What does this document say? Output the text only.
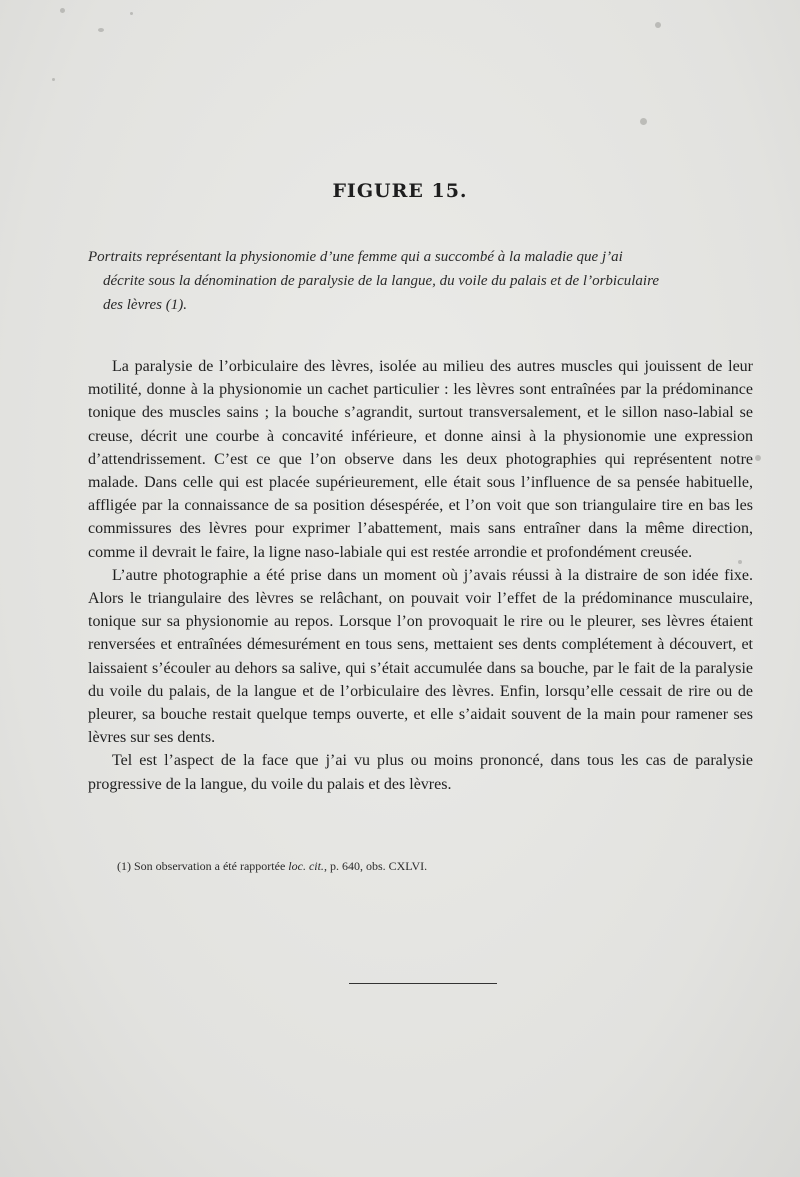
FIGURE 15.
Portraits représentant la physionomie d’une femme qui a succombé à la maladie que j’ai
décrite sous la dénomination de paralysie de la langue, du voile du palais et de l’orbiculaire
des lèvres (1).

La paralysie de l’orbiculaire des lèvres, isolée au milieu des autres muscles qui jouissent de leur motilité, donne à la physionomie un cachet particulier : les lèvres sont entraînées par la prédominance tonique des muscles sains ; la bouche s’agrandit, surtout transversalement, et le sillon naso-labial se creuse, décrit une courbe à concavité inférieure, et donne ainsi à la physionomie une expression d’attendrissement. C’est ce que l’on observe dans les deux photographies qui représentent notre malade. Dans celle qui est placée supérieurement, elle était sous l’influence de sa pensée habituelle, affligée par la connaissance de sa position désespérée, et l’on voit que son triangulaire tire en bas les commissures des lèvres pour exprimer l’abattement, mais sans entraîner dans la même direction, comme il devrait le faire, la ligne naso-labiale qui est restée arrondie et profondément creusée.

L’autre photographie a été prise dans un moment où j’avais réussi à la distraire de son idée fixe. Alors le triangulaire des lèvres se relâchant, on pouvait voir l’effet de la prédominance musculaire, tonique sur sa physionomie au repos. Lorsque l’on provoquait le rire ou le pleurer, ses lèvres étaient renversées et entraînées démesurément en tous sens, mettaient ses dents complétement à découvert, et laissaient s’écouler au dehors sa salive, qui s’était accumulée dans sa bouche, par le fait de la paralysie du voile du palais, de la langue et de l’orbiculaire des lèvres. Enfin, lorsqu’elle cessait de rire ou de pleurer, sa bouche restait quelque temps ouverte, et elle s’aidait souvent de la main pour ramener ses lèvres sur ses dents.

Tel est l’aspect de la face que j’ai vu plus ou moins prononcé, dans tous les cas de paralysie progressive de la langue, du voile du palais et des lèvres.

(1) Son observation a été rapportée loc. cit., p. 640, obs. CXLVI.
